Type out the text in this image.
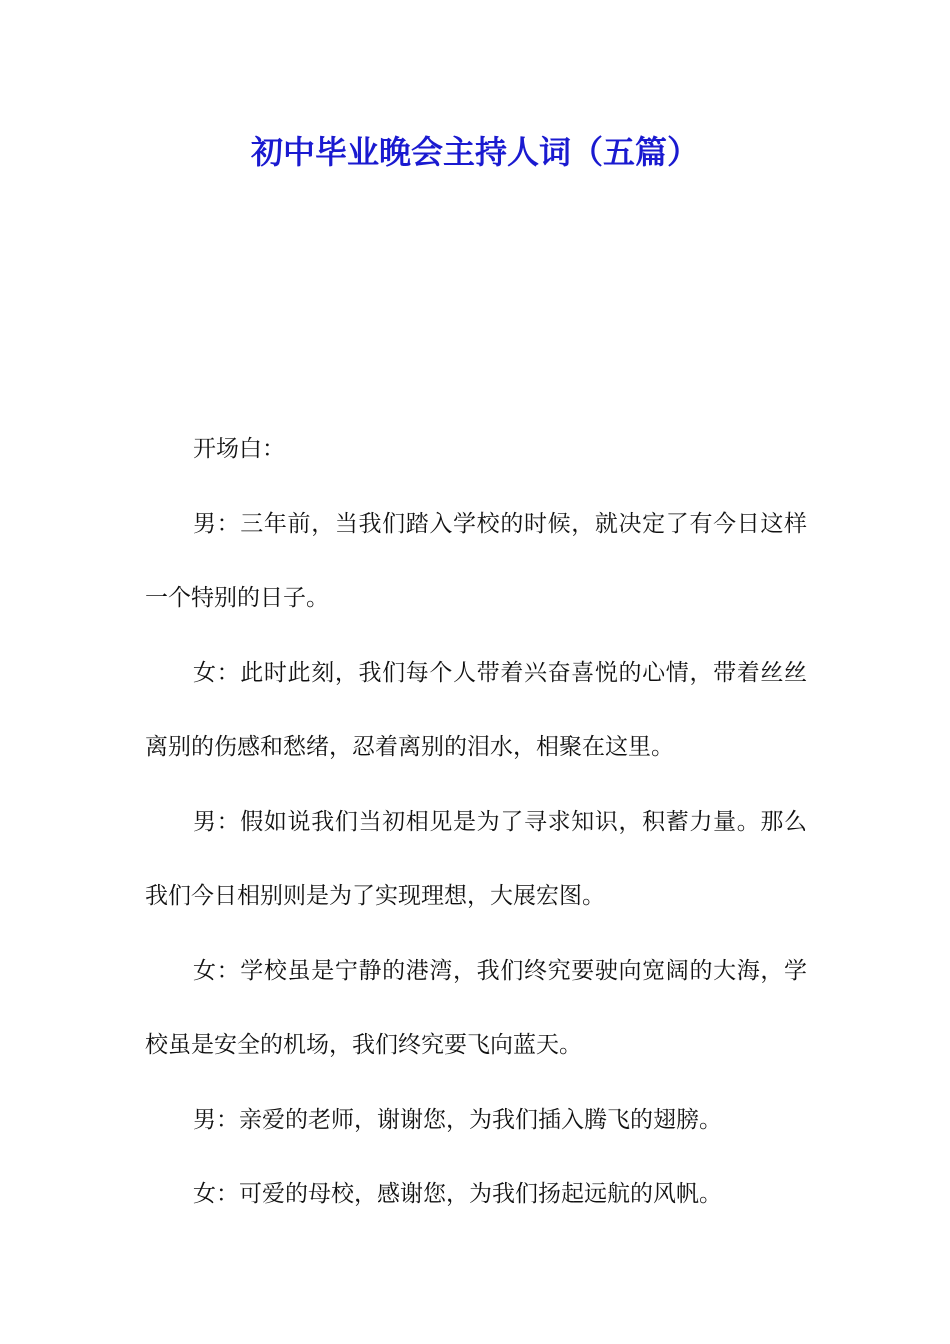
初中毕业晚会主持人词（五篇）

开场白：

男：三年前，当我们踏入学校的时候，就决定了有今日这样一个特别的日子。

女：此时此刻，我们每个人带着兴奋喜悦的心情，带着丝丝离别的伤感和愁绪，忍着离别的泪水，相聚在这里。

男：假如说我们当初相见是为了寻求知识，积蓄力量。那么我们今日相别则是为了实现理想，大展宏图。

女：学校虽是宁静的港湾，我们终究要驶向宽阔的大海，学校虽是安全的机场，我们终究要飞向蓝天。

男：亲爱的老师，谢谢您，为我们插入腾飞的翅膀。

女：可爱的母校，感谢您，为我们扬起远航的风帆。
